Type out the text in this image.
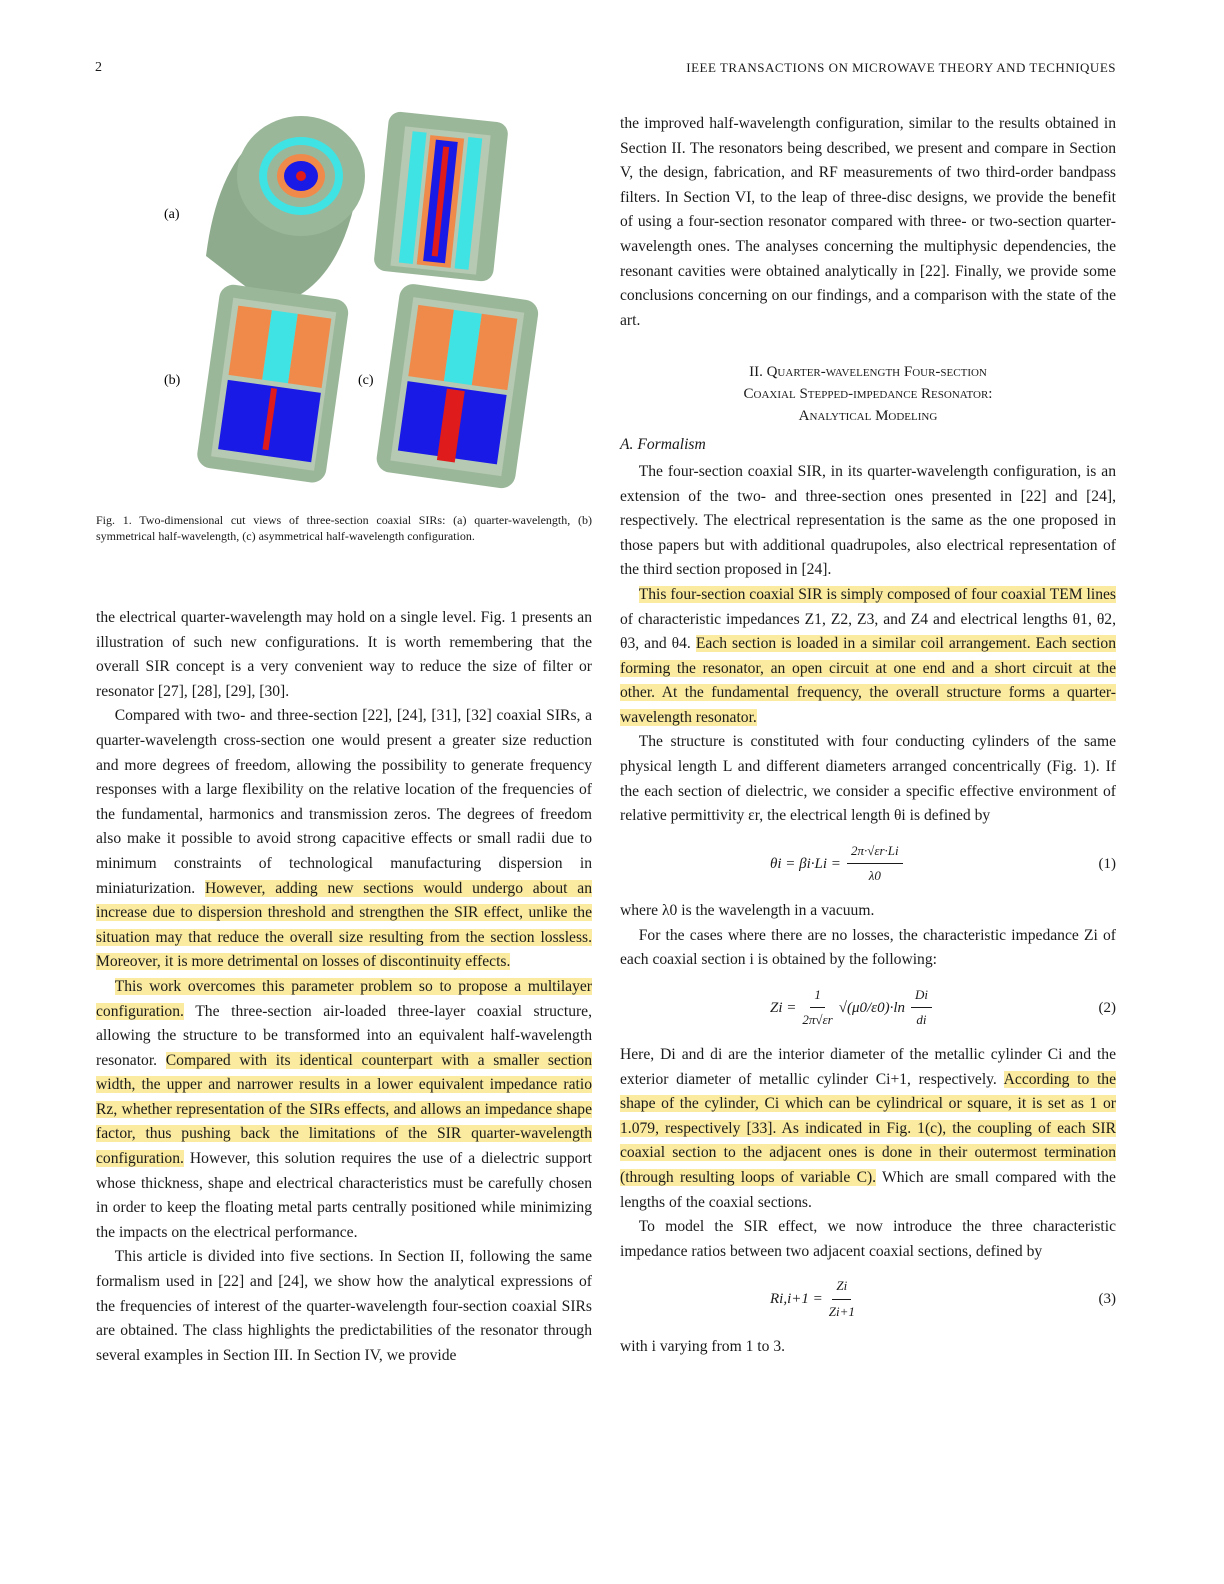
2	IEEE TRANSACTIONS ON MICROWAVE THEORY AND TECHNIQUES
(a)
(b)	(c)
Fig. 1. Two-dimensional cut views of three-section coaxial SIRs: (a) quarter-wavelength, (b) symmetrical half-wavelength, (c) asymmetrical half-wavelength configuration.

the electrical quarter-wavelength may hold on a single level. Fig. 1 presents an illustration of such new configurations. It is worth remembering that the overall SIR concept is a very convenient way to reduce the size of filter or resonator [27], [28], [29], [30].

Compared with two- and three-section [22], [24], [31], [32] coaxial SIRs, a quarter-wavelength cross-section one would present a greater size reduction and more degrees of freedom, allowing the possibility to generate frequency responses with a large flexibility on the relative location of the frequencies of the fundamental, harmonics and transmission zeros. The degrees of freedom also make it possible to avoid strong capacitive effects or small radii due to minimum constraints of technological manufacturing dispersion in miniaturization. However, adding new sections would undergo about an increase due to dispersion threshold and strengthen the SIR effect, unlike the situation may that reduce the overall size resulting from the section lossless. Moreover, it is more detrimental on losses of discontinuity effects.

This work overcomes this parameter problem so to propose a multilayer configuration. The three-section air-loaded three-layer coaxial structure, allowing the structure to be transformed into an equivalent half-wavelength resonator. Compared with its identical counterpart with a smaller section width, the upper and narrower results in a lower equivalent impedance ratio Rz, whether representation of the SIRs effects, and allows an impedance shape factor, thus pushing back the limitations of the SIR quarter-wavelength configuration. However, this solution requires the use of a dielectric support whose thickness, shape and electrical characteristics must be carefully chosen in order to keep the floating metal parts centrally positioned while minimizing the impacts on the electrical performance.

This article is divided into five sections. In Section II, following the same formalism used in [22] and [24], we show how the analytical expressions of the frequencies of interest of the quarter-wavelength four-section coaxial SIRs are obtained. The class highlights the predictabilities of the resonator through several examples in Section III. In Section IV, we provide

the improved half-wavelength configuration, similar to the results obtained in Section II. The resonators being described, we present and compare in Section V, the design, fabrication, and RF measurements of two third-order bandpass filters. In Section VI, to the leap of three-disc designs, we provide the benefit of using a four-section resonator compared with three- or two-section quarter-wavelength ones. The analyses concerning the multiphysic dependencies, the resonant cavities were obtained analytically in [22]. Finally, we provide some conclusions concerning on our findings, and a comparison with the state of the art.

II. Quarter-wavelength Four-section
Coaxial Stepped-impedance Resonator:
Analytical Modeling
A. Formalism

The four-section coaxial SIR, in its quarter-wavelength configuration, is an extension of the two- and three-section ones presented in [22] and [24], respectively. The electrical representation is the same as the one proposed in those papers but with additional quadrupoles, also electrical representation of the third section proposed in [24].

This four-section coaxial SIR is simply composed of four coaxial TEM lines of characteristic impedances Z1, Z2, Z3, and Z4 and electrical lengths θ1, θ2, θ3, and θ4. Each section is loaded in a similar coil arrangement. Each section forming the resonator, an open circuit at one end and a short circuit at the other. At the fundamental frequency, the overall structure forms a quarter-wavelength resonator.

The structure is constituted with four conducting cylinders of the same physical length L and different diameters arranged concentrically (Fig. 1). If the each section of dielectric, we consider a specific effective environment of relative permittivity εr, the electrical length θi is defined by

$\theta i = \beta i\cdot Li = \frac{2\pi\cdot√\varepsilon r\cdot Li}{\lambda 0}$	(1)

where λ0 is the wavelength in a vacuum.

For the cases where there are no losses, the characteristic impedance Zi of each coaxial section i is obtained by the following:

$Zi = \frac{1}{2\pi√\varepsilon r} √(\mu 0/\varepsilon 0)\cdot\ln \frac{Di}{di}$	(2)

Here, Di and di are the interior diameter of the metallic cylinder Ci and the exterior diameter of metallic cylinder Ci+1, respectively. According to the shape of the cylinder, Ci which can be cylindrical or square, it is set as 1 or 1.079, respectively [33]. As indicated in Fig. 1(c), the coupling of each SIR coaxial section to the adjacent ones is done in their outermost termination (through resulting loops of variable C). Which are small compared with the lengths of the coaxial sections.

To model the SIR effect, we now introduce the three characteristic impedance ratios between two adjacent coaxial sections, defined by

$Ri,i+1 = \frac{Zi}{Zi+1}$	(3)

with i varying from 1 to 3.
